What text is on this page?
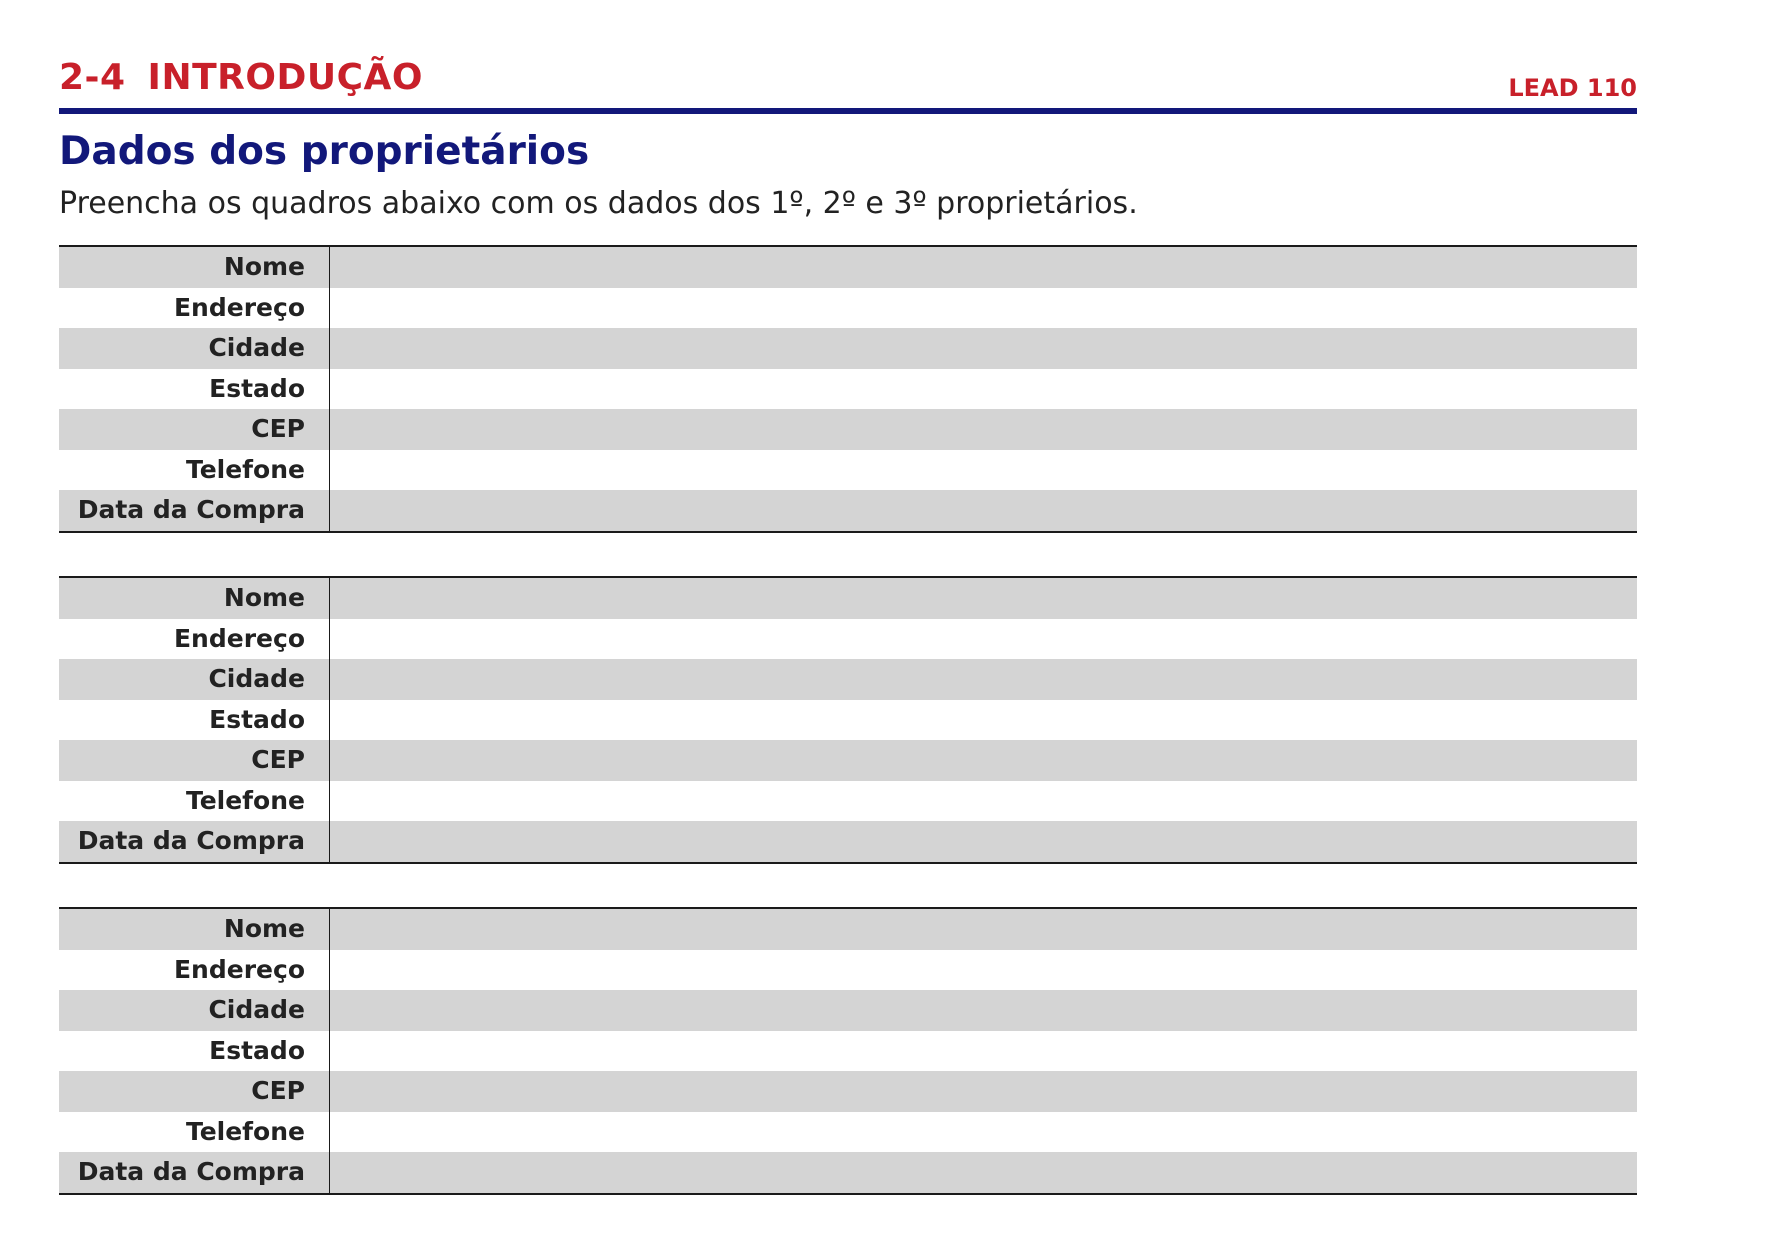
2-4 INTRODUÇÃO	LEAD 110
Dados dos proprietários

Preencha os quadros abaixo com os dados dos 1º, 2º e 3º proprietários.

Nome
Endereço
Cidade
Estado
CEP
Telefone
Data da Compra
Nome
Endereço
Cidade
Estado
CEP
Telefone
Data da Compra
Nome
Endereço
Cidade
Estado
CEP
Telefone
Data da Compra
